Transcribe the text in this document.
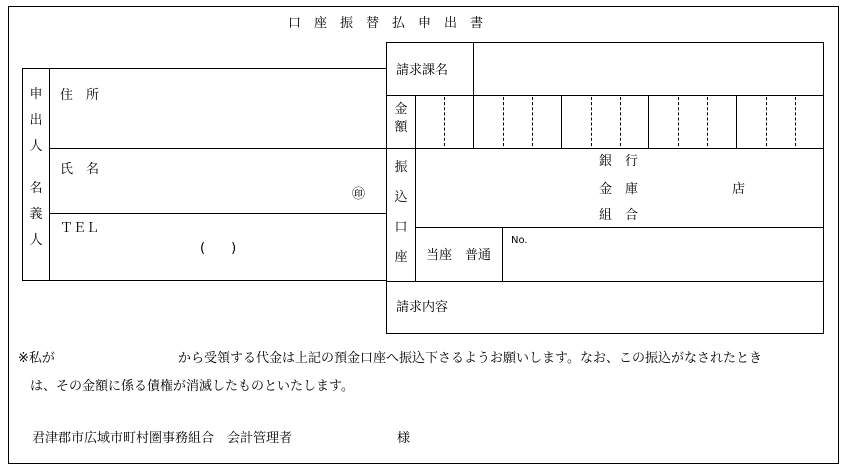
口　座　振　替　払　申　出　書
申
出
人
名
義
人
住　所
氏　名
㊞
ＴＥＬ
(　　)
請求課名
金
額
振
込
口
座
銀　行
金　庫
組　合
店
当座　普通
No.
請求内容
※私が	から受領する代金は上記の預金口座へ振込下さるようお願いします。なお、この振込がなされたとき
は、その金額に係る債権が消滅したものといたします。
君津郡市広域市町村圏事務組合　会計管理者	様
